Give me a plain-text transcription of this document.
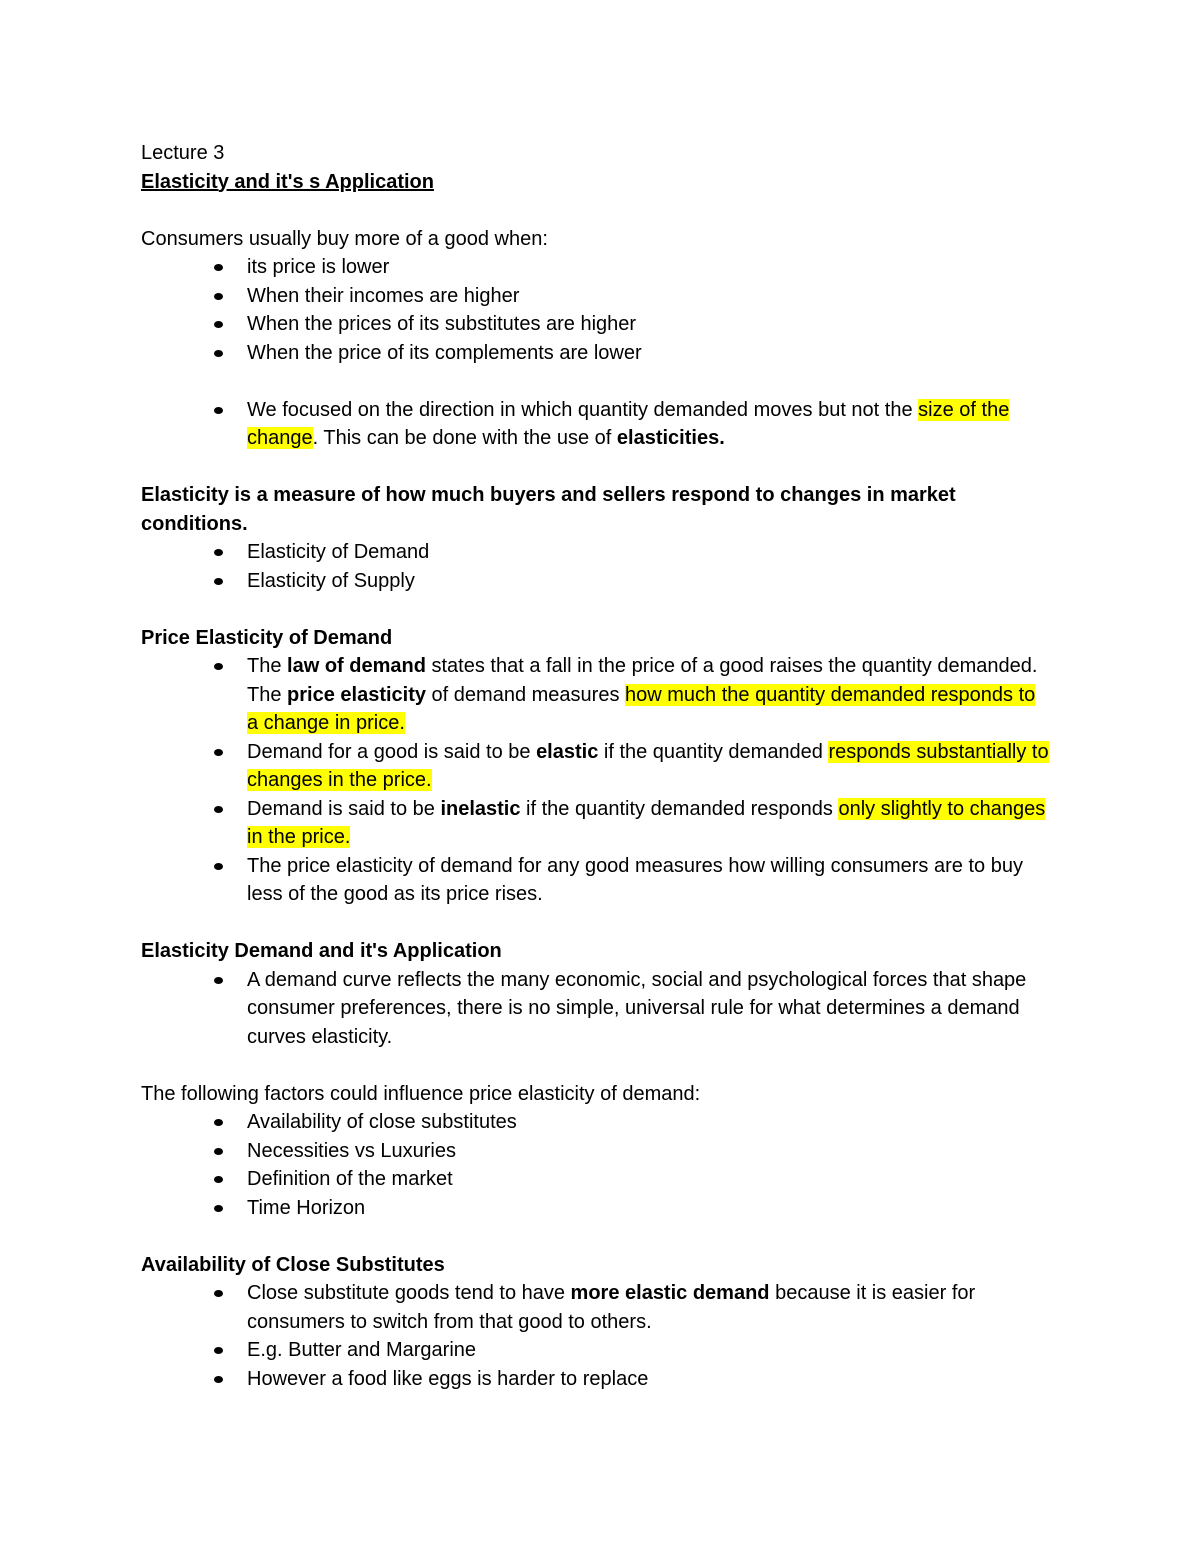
Lecture 3

Elasticity and it's s Application

Consumers usually buy more of a good when:

its price is lower
When their incomes are higher
When the prices of its substitutes are higher
When the price of its complements are lower
We focused on the direction in which quantity demanded moves but not the size of the change. This can be done with the use of elasticities.

Elasticity is a measure of how much buyers and sellers respond to changes in market conditions.

Elasticity of Demand
Elasticity of Supply

Price Elasticity of Demand

The law of demand states that a fall in the price of a good raises the quantity demanded. The price elasticity of demand measures how much the quantity demanded responds to a change in price.
Demand for a good is said to be elastic if the quantity demanded responds substantially to changes in the price.
Demand is said to be inelastic if the quantity demanded responds only slightly to changes in the price.
The price elasticity of demand for any good measures how willing consumers are to buy less of the good as its price rises.

Elasticity Demand and it's Application

A demand curve reflects the many economic, social and psychological forces that shape consumer preferences, there is no simple, universal rule for what determines a demand curves elasticity.

The following factors could influence price elasticity of demand:

Availability of close substitutes
Necessities vs Luxuries
Definition of the market
Time Horizon

Availability of Close Substitutes

Close substitute goods tend to have more elastic demand because it is easier for consumers to switch from that good to others.
E.g. Butter and Margarine
However a food like eggs is harder to replace
